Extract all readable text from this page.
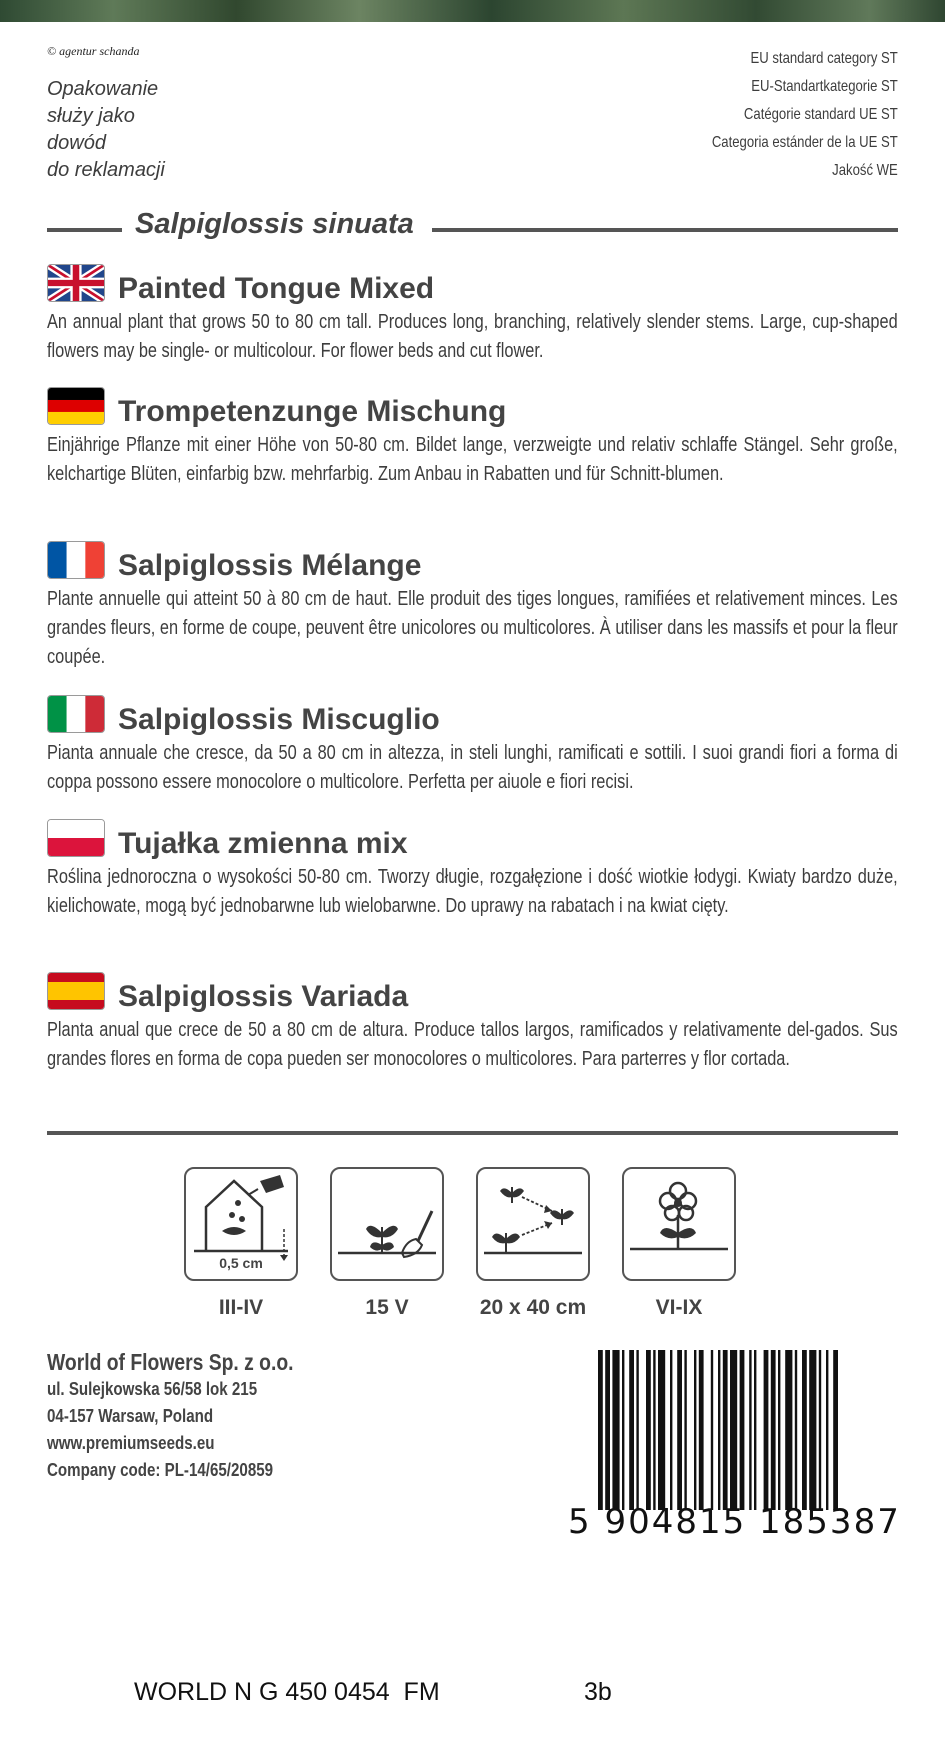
© agentur schanda
Opakowanie
służy jako
dowód
do reklamacji
EU standard category ST
EU-Standartkategorie ST
Catégorie standard UE ST
Categoria estánder de la UE ST
Jakość WE
Salpiglossis sinuata
Painted Tongue Mixed
An annual plant that grows 50 to 80 cm tall. Produces long, branching, relatively slender stems. Large, cup-shaped flowers may be single- or multicolour. For flower beds and cut flower.
Trompetenzunge Mischung
Einjährige Pflanze mit einer Höhe von 50-80 cm. Bildet lange, verzweigte und relativ schlaffe Stängel. Sehr große, kelchartige Blüten, einfarbig bzw. mehrfarbig. Zum Anbau in Rabatten und für Schnitt-blumen.
Salpiglossis Mélange
Plante annuelle qui atteint 50 à 80 cm de haut. Elle produit des tiges longues, ramifiées et relativement minces. Les grandes fleurs, en forme de coupe, peuvent être unicolores ou multicolores. À utiliser dans les massifs et pour la fleur coupée.
Salpiglossis Miscuglio
Pianta annuale che cresce, da 50 a 80 cm in altezza, in steli lunghi, ramificati e sottili. I suoi grandi fiori a forma di coppa possono essere monocolore o multicolore. Perfetta per aiuole e fiori recisi.
Tujałka zmienna mix
Roślina jednoroczna o wysokości 50-80 cm. Tworzy długie, rozgałęzione i dość wiotkie łodygi. Kwiaty bardzo duże, kielichowate, mogą być jednobarwne lub wielobarwne. Do uprawy na rabatach i na kwiat cięty.
Salpiglossis Variada
Planta anual que crece de 50 a 80 cm de altura. Produce tallos largos, ramificados y relativamente del-gados. Sus grandes flores en forma de copa pueden ser monocolores o multicolores. Para parterres y flor cortada.
0,5 cm
III-IV	15 V	20 x 40 cm	VI-IX
World of Flowers Sp. z o.o.
ul. Sulejkowska 56/58 lok 215
04-157 Warsaw, Poland
www.premiumseeds.eu
Company code: PL-14/65/20859
5 904815 185387
WORLD N G 450 0454  FM	3b
